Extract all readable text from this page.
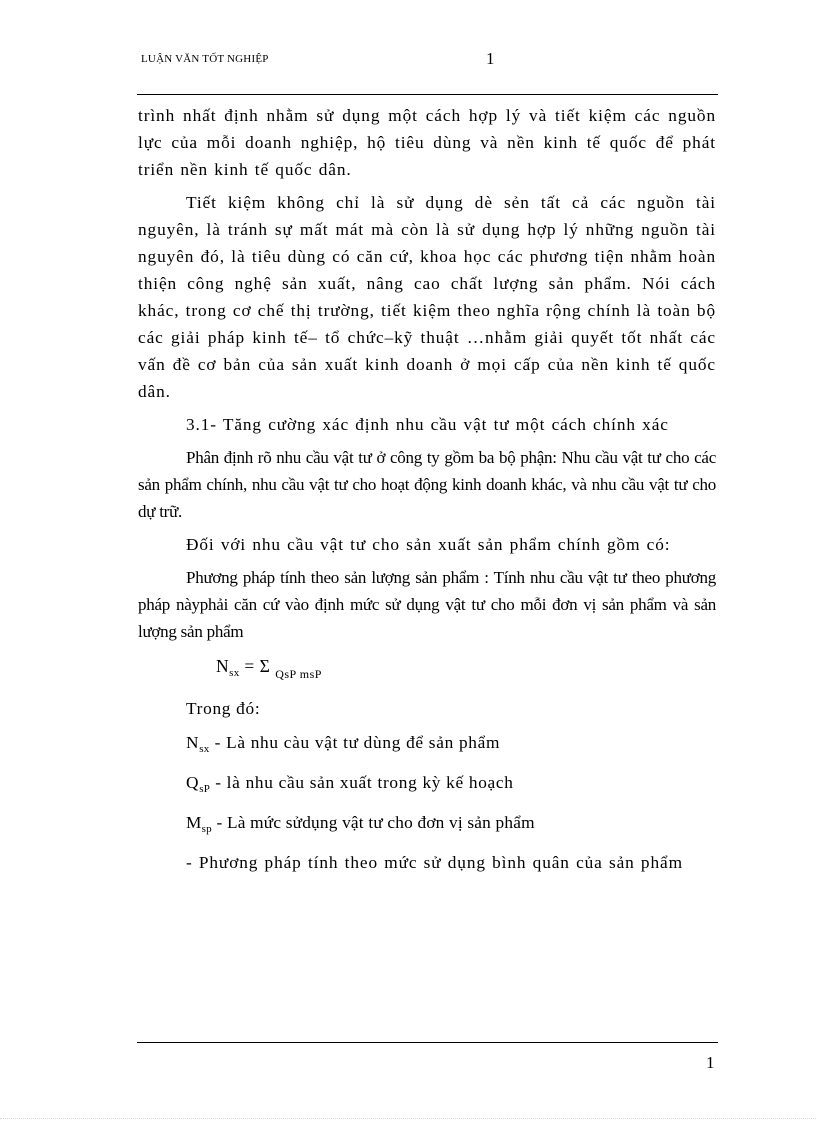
LUẬN VĂN TỐT NGHIỆP	1

trình nhất định nhằm sử dụng một cách hợp lý và tiết kiệm các nguồn lực của mỗi doanh nghiệp, hộ tiêu dùng và nền kinh tế quốc để phát triển nền kinh tế quốc dân.

Tiết kiệm không chỉ là sử dụng dè sẻn tất cả các nguồn tài nguyên, là tránh sự mất mát mà còn là sử dụng hợp lý những nguồn tài nguyên đó, là tiêu dùng có căn cứ, khoa học các phương tiện nhằm hoàn thiện công nghệ sản xuất, nâng cao chất lượng sản phẩm. Nói cách khác, trong cơ chế thị trường, tiết kiệm theo nghĩa rộng chính là toàn bộ các giải pháp kinh tế– tổ chức–kỹ thuật …nhằm giải quyết tốt nhất các vấn đề cơ bản của sản xuất kinh doanh ở mọi cấp của nền kinh tế quốc dân.

3.1- Tăng cường xác định nhu cầu vật tư một cách chính xác

Phân định rõ nhu cầu vật tư ở công ty gồm ba bộ phận: Nhu cầu vật tư cho các sản phẩm chính, nhu cầu vật tư cho hoạt động kinh doanh khác, và nhu cầu vật tư cho dự trữ.

Đối với nhu cầu vật tư cho sản xuất sản phẩm chính gồm có:

Phương pháp tính theo sản lượng sản phẩm : Tính nhu cầu vật tư theo phương pháp nàyphải căn cứ vào định mức sử dụng vật tư cho mỗi đơn vị sản phẩm và sản lượng sản phẩm

$N_{sx} = \Sigma$ $_{QsP msP}$
Trong đó:
$N_{sx}$ - Là nhu càu vật tư dùng để sản phẩm
$Q_{sP}$ - là nhu cầu sản xuất trong kỳ kế hoạch
$M_{sp}$ - Là mức sửdụng vật tư cho đơn vị sản phẩm

- Phương pháp tính theo mức sử dụng bình quân của sản phẩm

1
